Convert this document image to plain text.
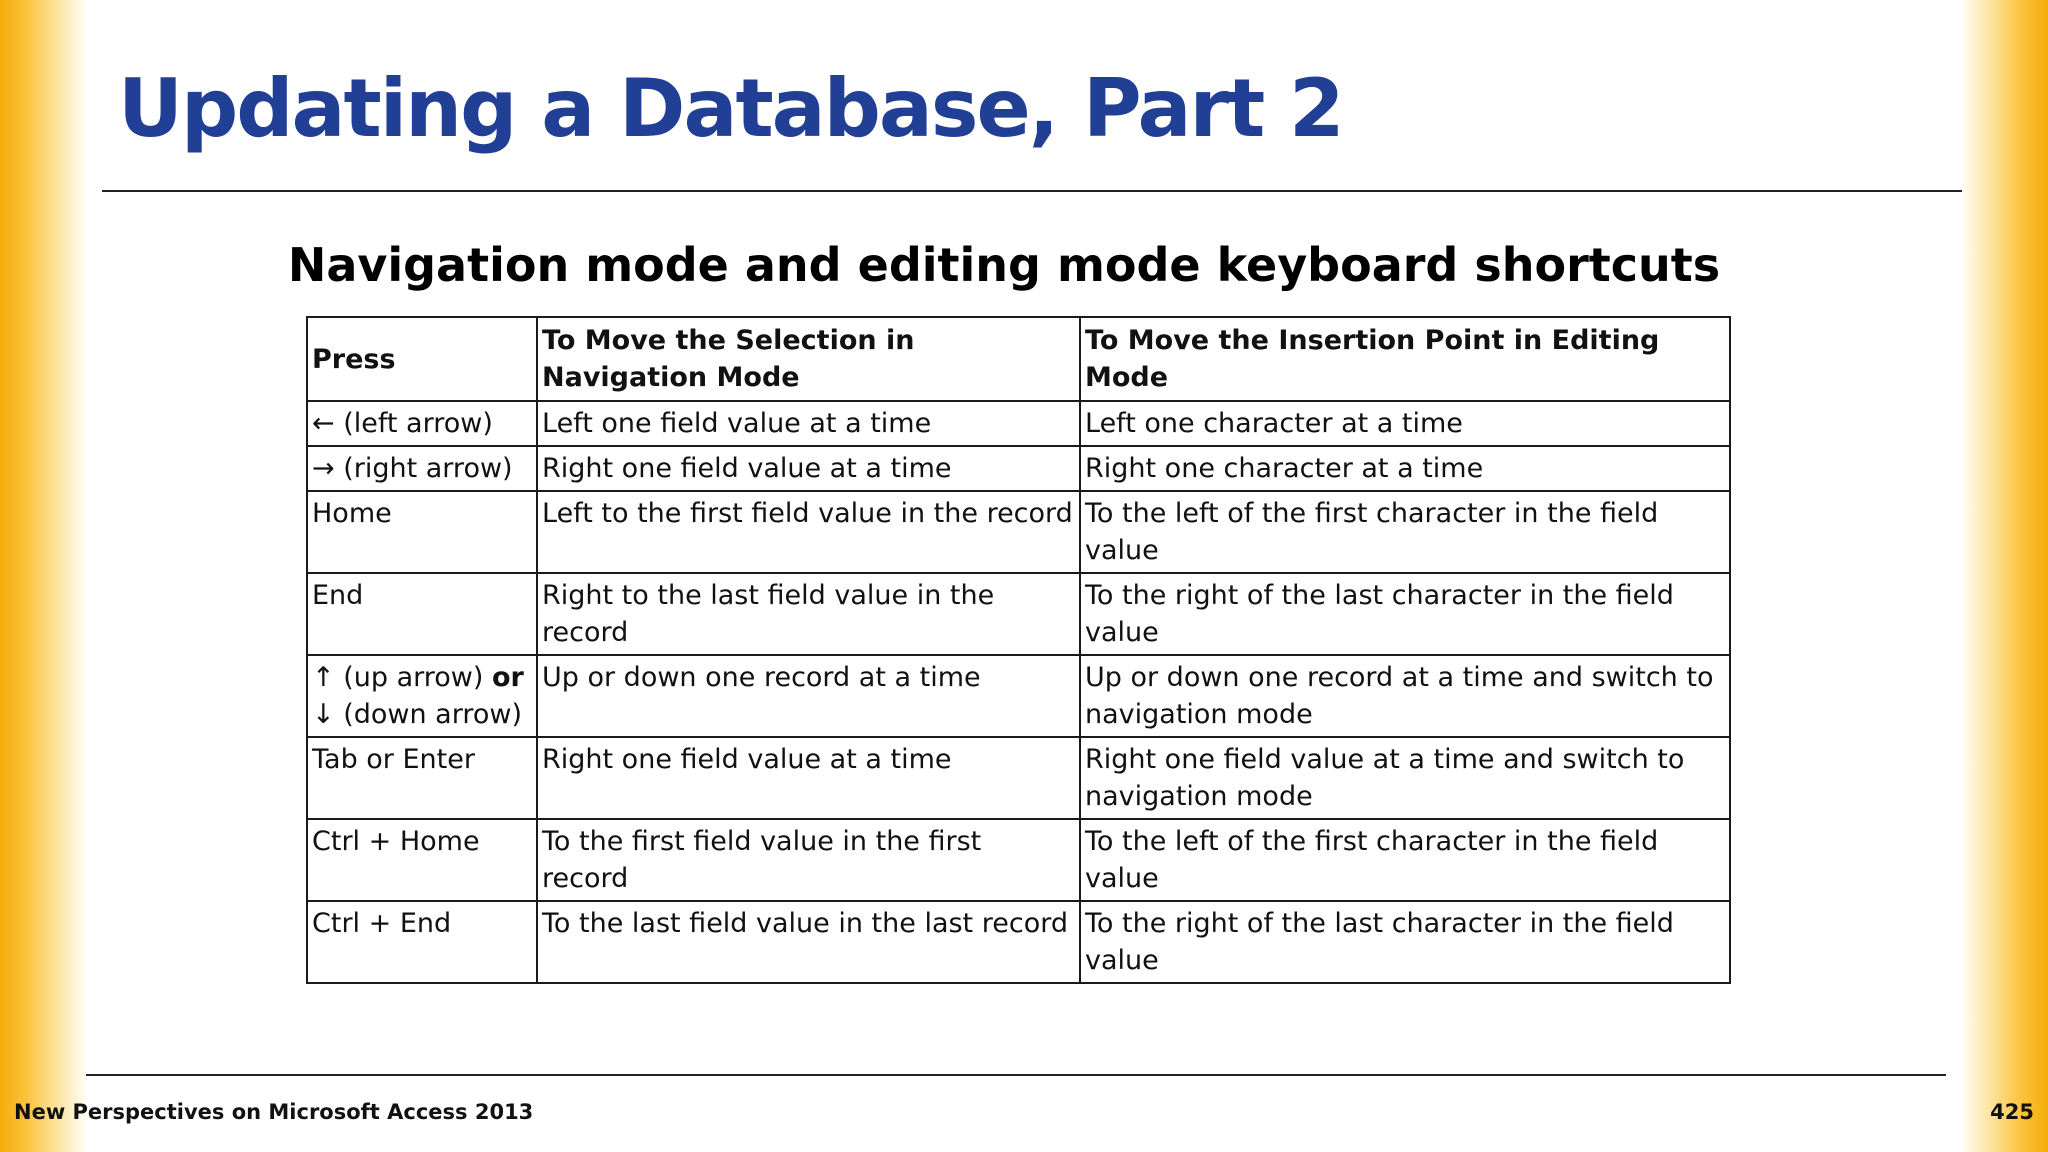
Updating a Database, Part 2
Navigation mode and editing mode keyboard shortcuts
Press	To Move the Selection in Navigation Mode	To Move the Insertion Point in Editing Mode
← (left arrow)	Left one field value at a time	Left one character at a time
→ (right arrow)	Right one field value at a time	Right one character at a time
Home	Left to the first field value in the record	To the left of the first character in the field value
End	Right to the last field value in the record	To the right of the last character in the field value
↑ (up arrow) or
↓ (down arrow)	Up or down one record at a time	Up or down one record at a time and switch to navigation mode
Tab or Enter	Right one field value at a time	Right one field value at a time and switch to navigation mode
Ctrl + Home	To the first field value in the first record	To the left of the first character in the field value
Ctrl + End	To the last field value in the last record	To the right of the last character in the field value
New Perspectives on Microsoft Access 2013	425
